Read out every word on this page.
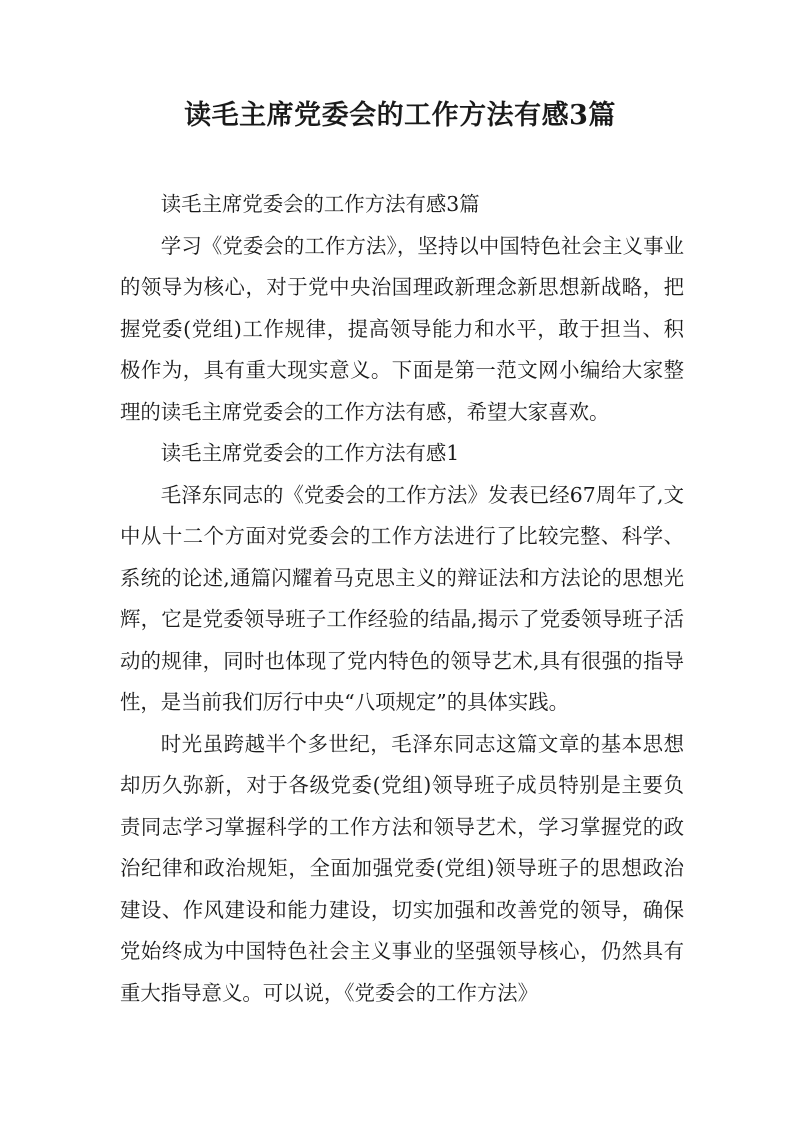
读毛主席党委会的工作方法有感3篇

读毛主席党委会的工作方法有感3篇

学习《党委会的工作方法》，坚持以中国特色社会主义事业的领导为核心，对于党中央治国理政新理念新思想新战略，把握党委(党组)工作规律，提高领导能力和水平，敢于担当、积极作为，具有重大现实意义。下面是第一范文网小编给大家整理的读毛主席党委会的工作方法有感，希望大家喜欢。

读毛主席党委会的工作方法有感1

毛泽东同志的《党委会的工作方法》发表已经67周年了,文中从十二个方面对党委会的工作方法进行了比较完整、科学、系统的论述,通篇闪耀着马克思主义的辩证法和方法论的思想光辉，它是党委领导班子工作经验的结晶,揭示了党委领导班子活动的规律，同时也体现了党内特色的领导艺术,具有很强的指导性，是当前我们厉行中央“八项规定”的具体实践。

时光虽跨越半个多世纪，毛泽东同志这篇文章的基本思想却历久弥新，对于各级党委(党组)领导班子成员特别是主要负责同志学习掌握科学的工作方法和领导艺术，学习掌握党的政治纪律和政治规矩，全面加强党委(党组)领导班子的思想政治建设、作风建设和能力建设，切实加强和改善党的领导，确保党始终成为中国特色社会主义事业的坚强领导核心，仍然具有重大指导意义。可以说，《党委会的工作方法》
